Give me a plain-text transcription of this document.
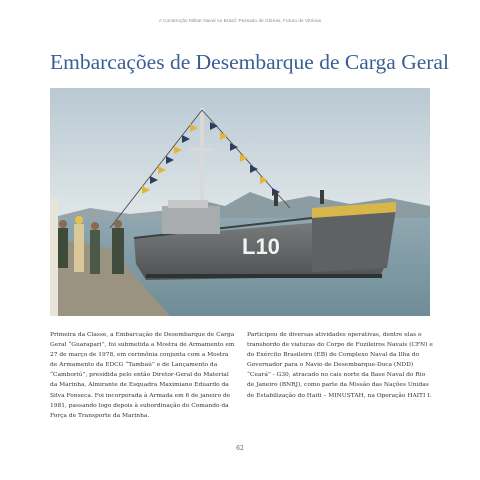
A Construção Militar Naval no Brasil: Passado de Glórias, Futuro de Vitórias
Embarcações de Desembarque de Carga Geral
L10

Primeira da Classe, a Embarcação de Desembarque de Carga Geral “Guarapari”, foi submetida a Mostra de Armamento em 27 de março de 1978, em cerimônia conjunta com a Mostra de Armamento da EDCG “Tambaú” e de Lançamento da “Camboriú”, presidida pelo então Diretor-Geral do Material da Marinha, Almirante de Esquadra Maximiano Eduardo da Silva Fonseca. Foi incorporada à Armada em 6 de janeiro de 1981, passando logo depois à subordinação do Comando da Força de Transporte da Marinha.

Participou de diversas atividades operativas, dentre elas o transbordo de viaturas do Corpo de Fuzileiros Navais (CFN) e do Exército Brasileiro (EB) do Complexo Naval da Ilha do Governador para o Navio de Desembarque-Doca (NDD) “Ceará” - G30, atracado no cais norte da Base Naval do Rio de Janeiro (BNRJ), como parte da Missão das Nações Unidas de Estabilização do Haiti – MINUSTAH, na Operação HAITI I.

62
